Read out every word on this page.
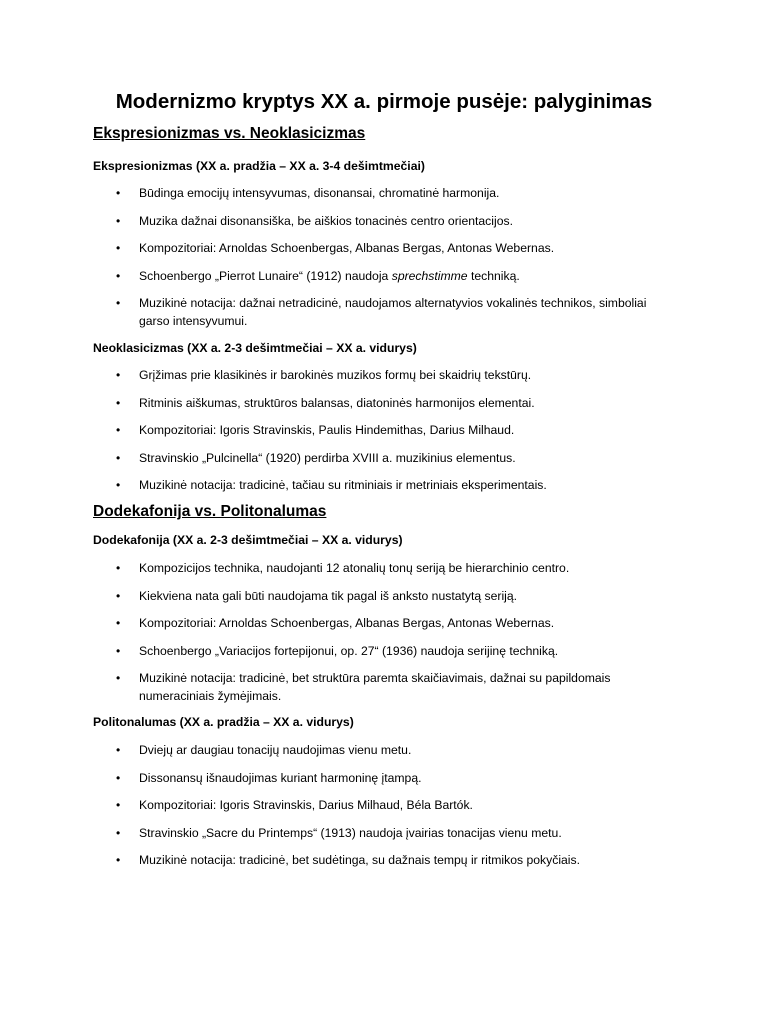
Modernizmo kryptys XX a. pirmoje pusėje: palyginimas
Ekspresionizmas vs. Neoklasicizmas
Ekspresionizmas (XX a. pradžia – XX a. 3-4 dešimtmečiai)
•	Būdinga emocijų intensyvumas, disonansai, chromatinė harmonija.
•	Muzika dažnai disonansiška, be aiškios tonacinės centro orientacijos.
•	Kompozitoriai: Arnoldas Schoenbergas, Albanas Bergas, Antonas Webernas.
•	Schoenbergo „Pierrot Lunaire“ (1912) naudoja sprechstimme techniką.
•	Muzikinė notacija: dažnai netradicinė, naudojamos alternatyvios vokalinės technikos, simboliai garso intensyvumui.
Neoklasicizmas (XX a. 2-3 dešimtmečiai – XX a. vidurys)
•	Grįžimas prie klasikinės ir barokinės muzikos formų bei skaidrių tekstūrų.
•	Ritminis aiškumas, struktūros balansas, diatoninės harmonijos elementai.
•	Kompozitoriai: Igoris Stravinskis, Paulis Hindemithas, Darius Milhaud.
•	Stravinskio „Pulcinella“ (1920) perdirba XVIII a. muzikinius elementus.
•	Muzikinė notacija: tradicinė, tačiau su ritminiais ir metriniais eksperimentais.
Dodekafonija vs. Politonalumas
Dodekafonija (XX a. 2-3 dešimtmečiai – XX a. vidurys)
•	Kompozicijos technika, naudojanti 12 atonalių tonų seriją be hierarchinio centro.
•	Kiekviena nata gali būti naudojama tik pagal iš anksto nustatytą seriją.
•	Kompozitoriai: Arnoldas Schoenbergas, Albanas Bergas, Antonas Webernas.
•	Schoenbergo „Variacijos fortepijonui, op. 27“ (1936) naudoja serijinę techniką.
•	Muzikinė notacija: tradicinė, bet struktūra paremta skaičiavimais, dažnai su papildomais numeraciniais žymėjimais.
Politonalumas (XX a. pradžia – XX a. vidurys)
•	Dviejų ar daugiau tonacijų naudojimas vienu metu.
•	Dissonansų išnaudojimas kuriant harmoninę įtampą.
•	Kompozitoriai: Igoris Stravinskis, Darius Milhaud, Béla Bartók.
•	Stravinskio „Sacre du Printemps“ (1913) naudoja įvairias tonacijas vienu metu.
•	Muzikinė notacija: tradicinė, bet sudėtinga, su dažnais tempų ir ritmikos pokyčiais.
